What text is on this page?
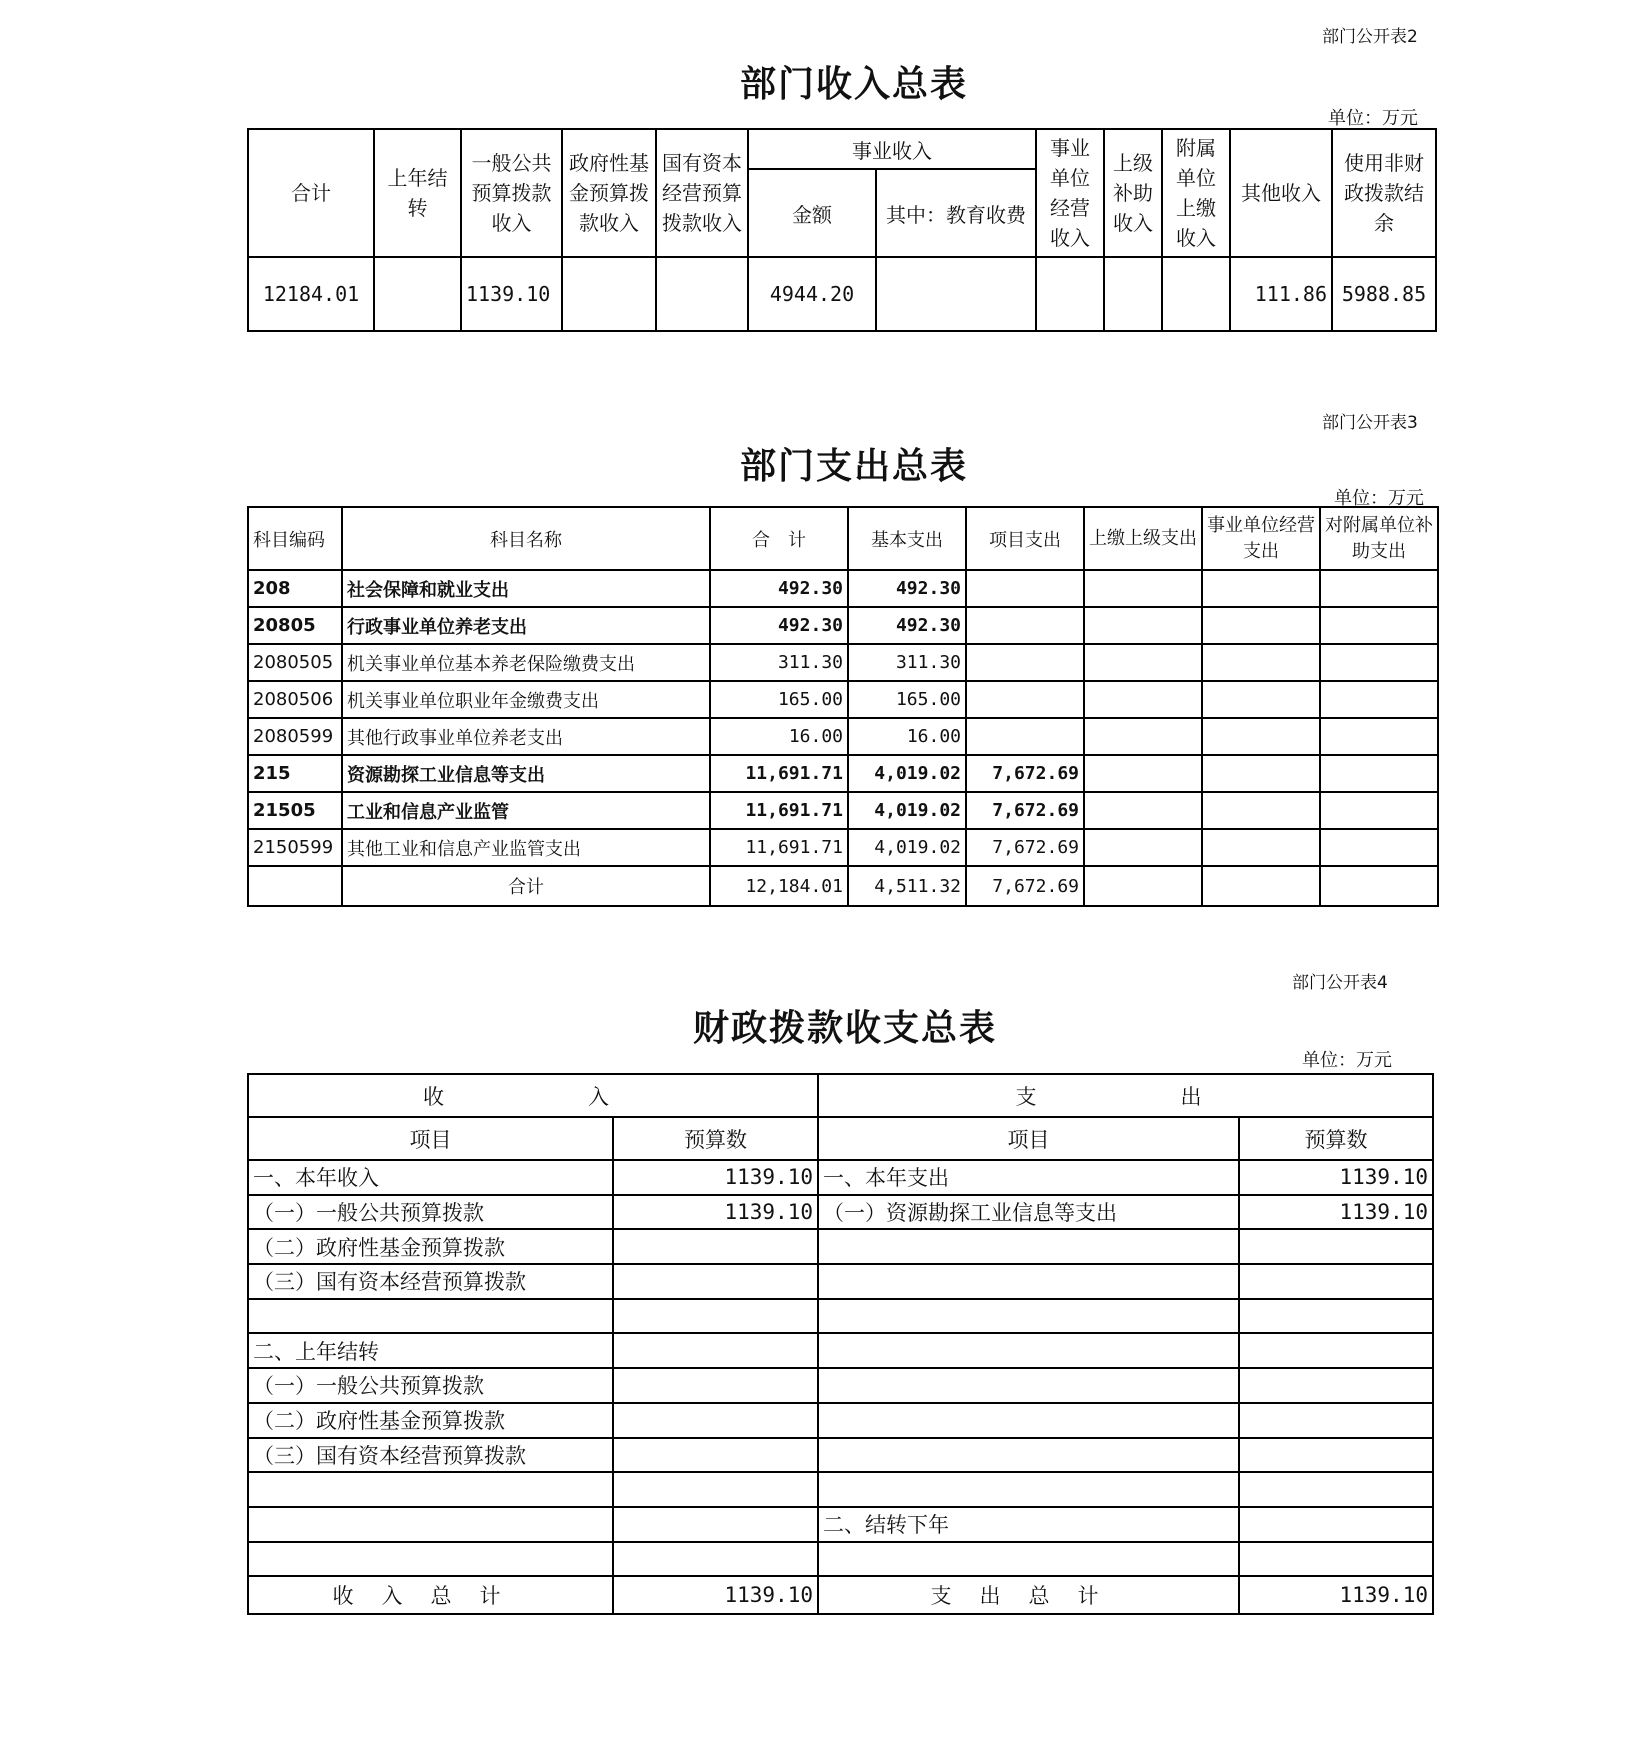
部门公开表2
部门收入总表
单位：万元
合计	上年结转	一般公共预算拨款收入	政府性基金预算拨款收入	国有资本经营预算拨款收入	事业收入		事业单位经营收入	上级补助收入	附属单位上缴收入	其他收入	使用非财政拨款结余
					金额	其中：教育收费					
12184.01		1139.10			4944.20					111.86	5988.85
部门公开表3
部门支出总表
单位：万元
科目编码	科目名称	合　计	基本支出	项目支出	上缴上级支出	事业单位经营支出	对附属单位补助支出
208	社会保障和就业支出	492.30	492.30				
20805	行政事业单位养老支出	492.30	492.30				
2080505	机关事业单位基本养老保险缴费支出	311.30	311.30				
2080506	机关事业单位职业年金缴费支出	165.00	165.00				
2080599	其他行政事业单位养老支出	16.00	16.00				
215	资源勘探工业信息等支出	11,691.71	4,019.02	7,672.69			
21505	工业和信息产业监管	11,691.71	4,019.02	7,672.69			
2150599	其他工业和信息产业监管支出	11,691.71	4,019.02	7,672.69			
	合计	12,184.01	4,511.32	7,672.69			
部门公开表4
财政拨款收支总表
单位：万元
收　　入		支　　出	
项目	预算数	项目	预算数
一、本年收入	1139.10	一、本年支出	1139.10
（一）一般公共预算拨款	1139.10	（一）资源勘探工业信息等支出	1139.10
（二）政府性基金预算拨款			
（三）国有资本经营预算拨款			

二、上年结转			
（一）一般公共预算拨款			
（二）政府性基金预算拨款			
（三）国有资本经营预算拨款			

		二、结转下年	

收入总计	1139.10	支出总计	1139.10
